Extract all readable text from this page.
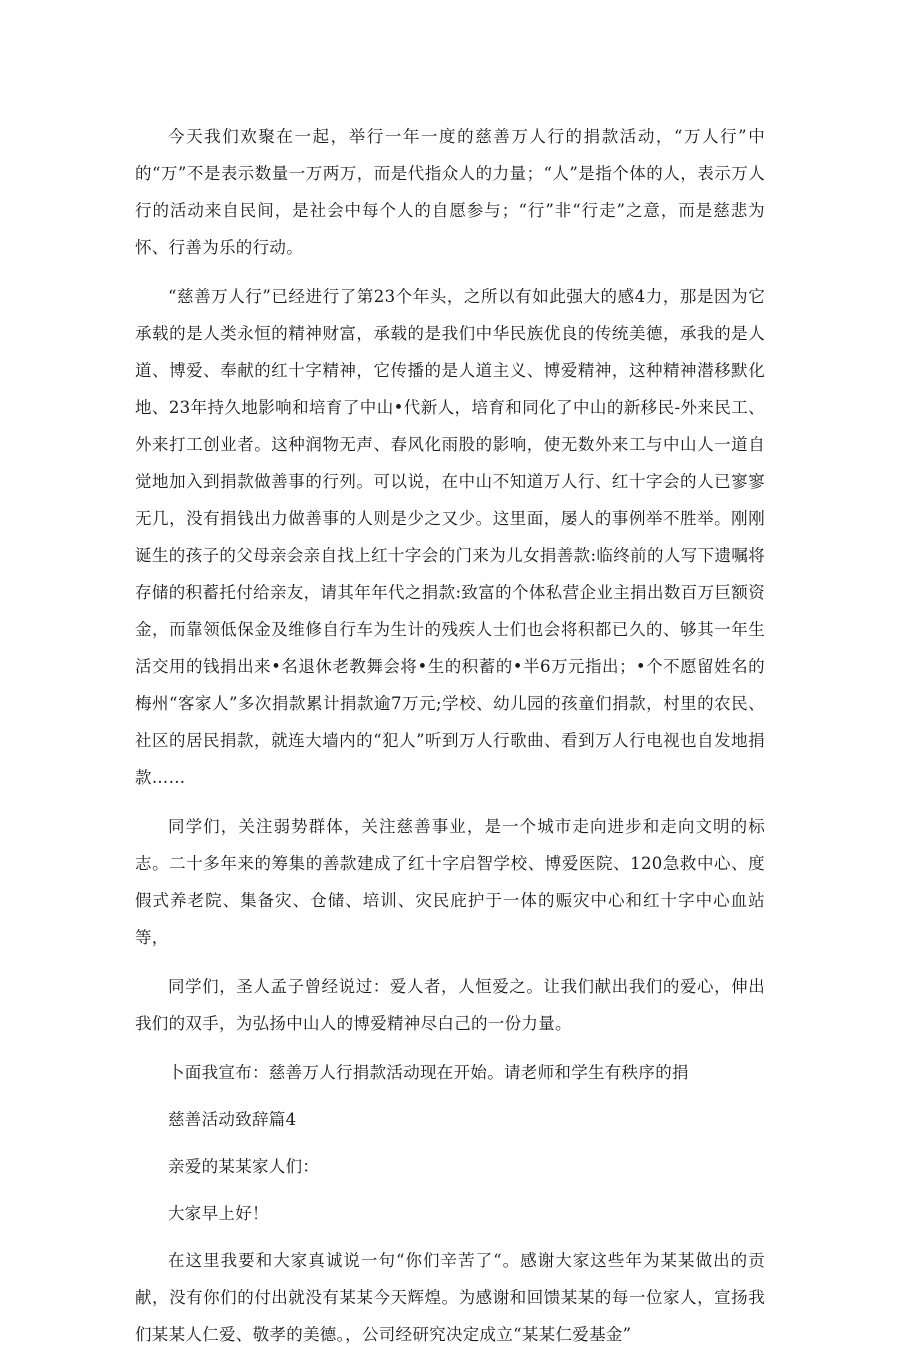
今天我们欢聚在一起，举行一年一度的慈善万人行的捐款活动，“万人行”中的“万”不是表示数量一万两万，而是代指众人的力量；“人”是指个体的人，表示万人行的活动来自民间，是社会中每个人的自愿参与；“行”非“行走”之意，而是慈悲为怀、行善为乐的行动。

“慈善万人行”已经进行了第23个年头，之所以有如此强大的感4力，那是因为它承载的是人类永恒的精神财富，承载的是我们中华民族优良的传统美德，承我的是人道、博爱、奉献的红十字精神，它传播的是人道主义、博爱精神，这种精神潜移默化地、23年持久地影响和培育了中山•代新人，培育和同化了中山的新移民-外来民工、外来打工创业者。这种润物无声、春风化雨股的影响，使无数外来工与中山人一道自觉地加入到捐款做善事的行列。可以说，在中山不知道万人行、红十字会的人已寥寥无几，没有捐钱出力做善事的人则是少之又少。这里面，屡人的事例举不胜举。刚刚诞生的孩子的父母亲会亲自找上红十字会的门来为儿女捐善款:临终前的人写下遗嘱将存储的积蓄托付给亲友，请其年年代之捐款:致富的个体私营企业主捐出数百万巨额资金，而靠领低保金及维修自行车为生计的残疾人士们也会将积都已久的、够其一年生活交用的钱捐出来•名退休老教舞会将•生的积蓄的•半6万元指出；•个不愿留姓名的梅州“客家人”多次捐款累计捐款逾7万元;学校、幼儿园的孩童们捐款，村里的农民、社区的居民捐款，就连大墙内的“犯人”听到万人行歌曲、看到万人行电视也自发地捐款……

同学们，关注弱势群体，关注慈善事业，是一个城市走向进步和走向文明的标志。二十多年来的筹集的善款建成了红十字启智学校、博爱医院、120急救中心、度假式养老院、集备灾、仓储、培训、灾民庇护于一体的赈灾中心和红十字中心血站等，

同学们，圣人孟子曾经说过：爱人者，人恒爱之。让我们献出我们的爱心，伸出我们的双手，为弘扬中山人的博爱精神尽白己的一份力量。

卜面我宣布：慈善万人行捐款活动现在开始。请老师和学生有秩序的捐

慈善活动致辞篇4

亲爱的某某家人们：

大家早上好！

在这里我要和大家真诚说一句“你们辛苦了“。感谢大家这些年为某某做出的贡献，没有你们的付出就没有某某今天辉煌。为感谢和回馈某某的每一位家人，宣扬我们某某人仁爱、敬孝的美德。，公司经研究决定成立“某某仁爱基金”
